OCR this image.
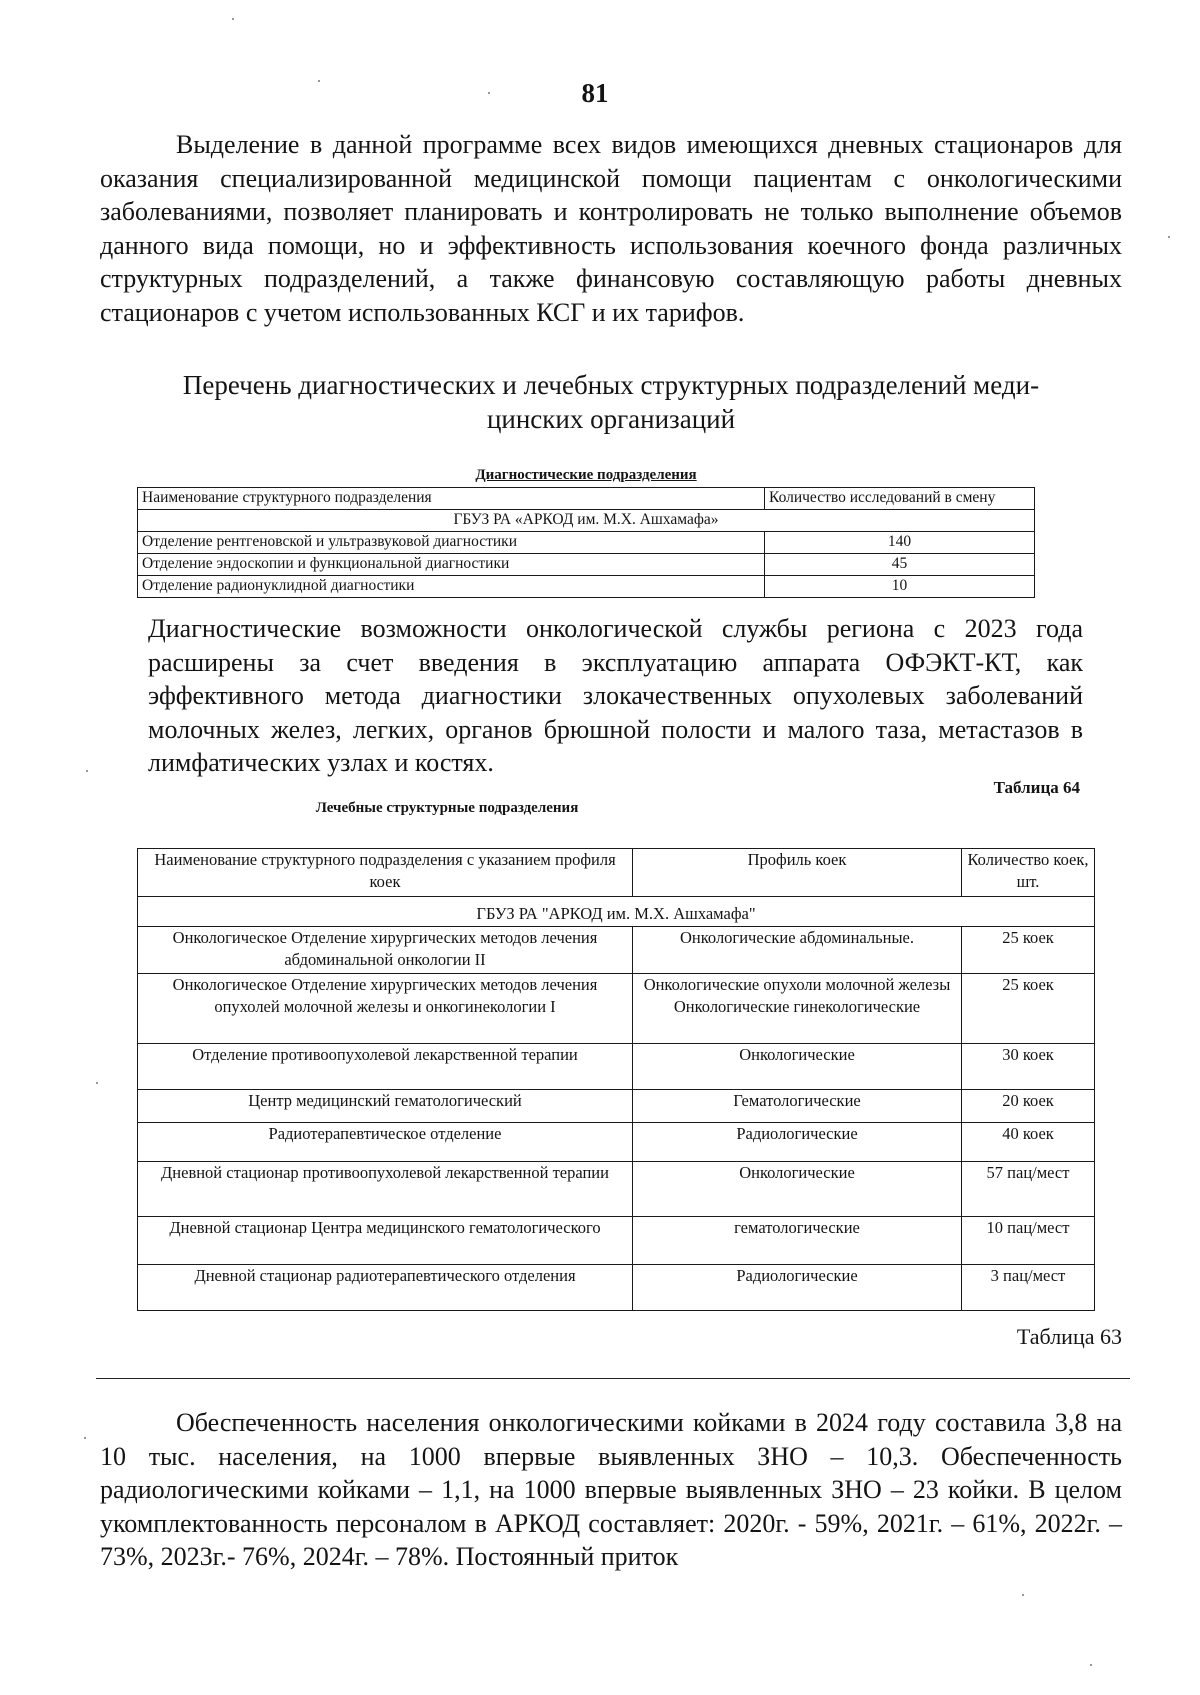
81
Выделение в данной программе всех видов имеющихся дневных стационаров для оказания специализированной медицинской помощи пациентам с онкологическими заболеваниями, позволяет планировать и контролировать не только выполнение объемов данного вида помощи, но и эффективность использования коечного фонда различных структурных подразделений, а также финансовую составляющую работы дневных стационаров с учетом использованных КСГ и их тарифов.
Перечень диагностических и лечебных структурных подразделений меди-
цинских организаций
Диагностические подразделения
Наименование структурного подразделения	Количество исследований в смену
ГБУЗ РА «АРКОД им. М.Х. Ашхамафа»	
Отделение рентгеновской и ультразвуковой диагностики	140
Отделение эндоскопии и функциональной диагностики	45
Отделение радионуклидной диагностики	10
Диагностические возможности онкологической службы региона с 2023 года расширены за счет введения в эксплуатацию аппарата ОФЭКТ-КТ, как эффективного метода диагностики злокачественных опухолевых заболеваний молочных желез, легких, органов брюшной полости и малого таза, метастазов в лимфатических узлах и костях.
Таблица 64
Лечебные структурные подразделения
Наименование структурного подразделения с указанием профиля коек	Профиль коек	Количество коек, шт.
ГБУЗ РА "АРКОД им. М.Х. Ашхамафа"		
Онкологическое Отделение хирургических методов лечения абдоминальной онкологии II	Онкологические абдоминальные.	25 коек
Онкологическое Отделение хирургических методов лечения опухолей молочной железы и онкогинекологии I	Онкологические опухоли молочной железы Онкологические гинекологические	25 коек
Отделение противоопухолевой лекарственной терапии	Онкологические	30 коек
Центр медицинский гематологический	Гематологические	20 коек
Радиотерапевтическое отделение	Радиологические	40 коек
Дневной стационар противоопухолевой лекарственной терапии	Онкологические	57 пац/мест
Дневной стационар Центра медицинского гематологического	гематологические	10 пац/мест
Дневной стационар радиотерапевтического отделения	Радиологические	3 пац/мест
Таблица 63
Обеспеченность населения онкологическими койками в 2024 году составила 3,8 на 10 тыс. населения, на 1000 впервые выявленных ЗНО – 10,3. Обеспеченность радиологическими койками – 1,1, на 1000 впервые выявленных ЗНО – 23 койки. В целом укомплектованность персоналом в АРКОД составляет: 2020г. - 59%, 2021г. – 61%, 2022г. – 73%, 2023г.- 76%, 2024г. – 78%. Постоянный приток
